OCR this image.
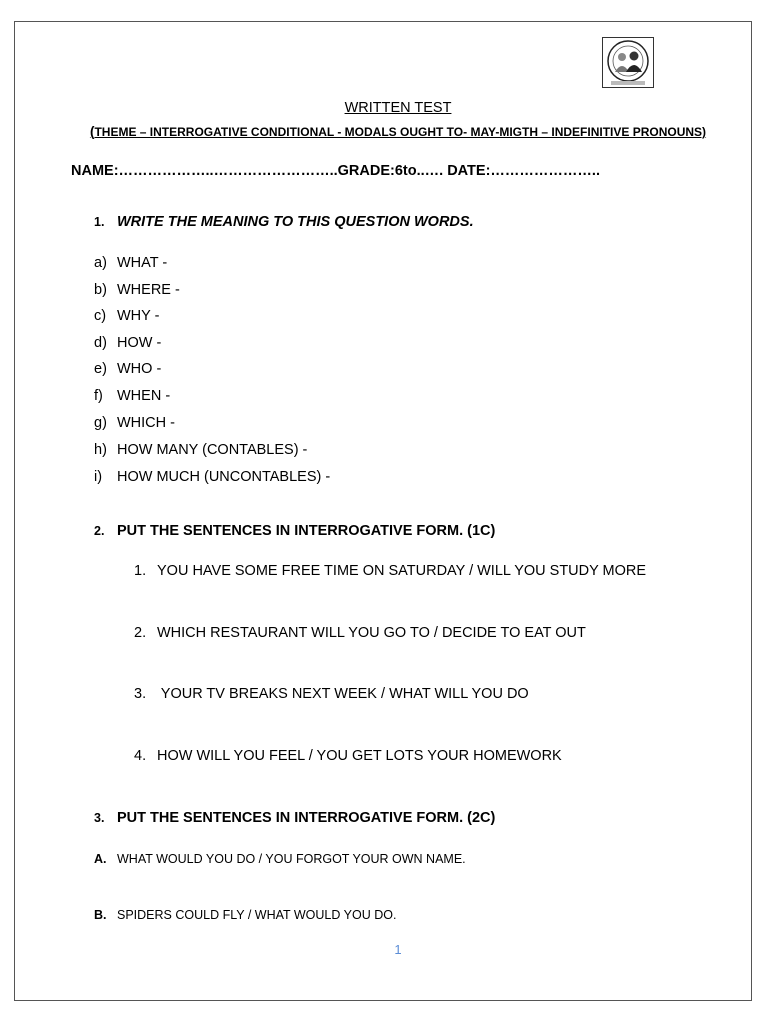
WRITTEN TEST
(THEME – INTERROGATIVE CONDITIONAL - MODALS OUGHT TO- MAY-MIGTH – INDEFINITIVE PRONOUNS)
NAME:………………..……………………..GRADE:6to..…. DATE:…………………..
1. WRITE THE MEANING TO THIS QUESTION WORDS.
a) WHAT -
b) WHERE -
c) WHY -
d) HOW -
e) WHO -
f) WHEN -
g) WHICH -
h) HOW MANY (CONTABLES) -
i) HOW MUCH (UNCONTABLES) -
2. PUT THE SENTENCES IN INTERROGATIVE FORM. (1C)
1. YOU HAVE SOME FREE TIME ON SATURDAY / WILL YOU STUDY MORE
2. WHICH RESTAURANT WILL YOU GO TO / DECIDE TO EAT OUT
3. YOUR TV BREAKS NEXT WEEK / WHAT WILL YOU DO
4. HOW WILL YOU FEEL / YOU GET LOTS YOUR HOMEWORK
3. PUT THE SENTENCES IN INTERROGATIVE FORM. (2C)
A. WHAT WOULD YOU DO / YOU FORGOT YOUR OWN NAME.
B. SPIDERS COULD FLY / WHAT WOULD YOU DO.
1
